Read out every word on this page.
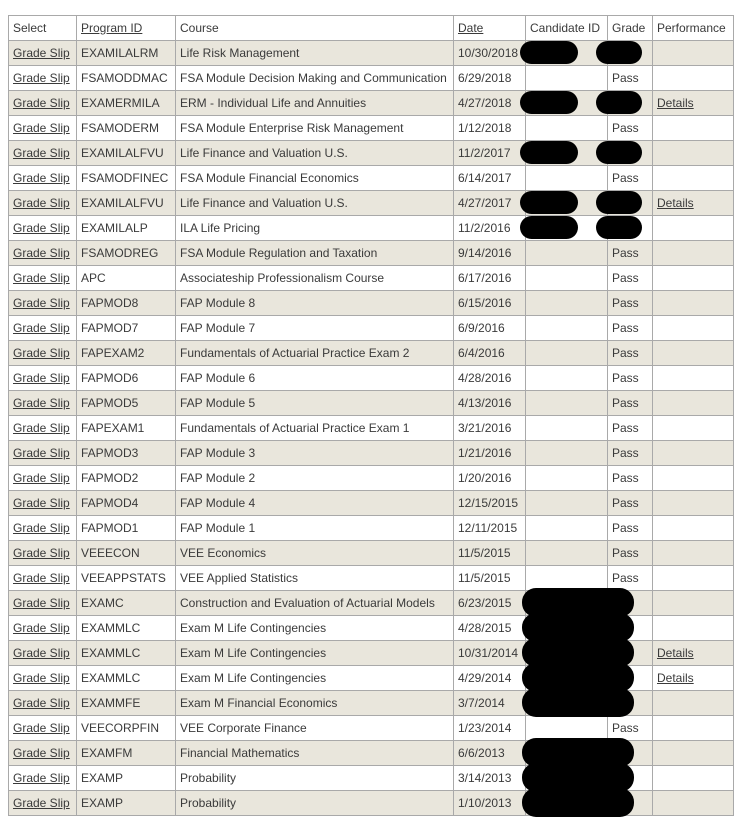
Select	Program ID	Course	Date	Candidate ID	Grade	Performance
Grade Slip	EXAMILALRM	Life Risk Management	10/30/2018	

Grade Slip	FSAMODDMAC	FSA Module Decision Making and Communication	6/29/2018		Pass	
Grade Slip	EXAMERMILA	ERM - Individual Life and Annuities	4/27/2018			Details
Grade Slip	FSAMODERM	FSA Module Enterprise Risk Management	1/12/2018		Pass	
Grade Slip	EXAMILALFVU	Life Finance and Valuation U.S.	11/2/2017	

Grade Slip	FSAMODFINEC	FSA Module Financial Economics	6/14/2017		Pass	
Grade Slip	EXAMILALFVU	Life Finance and Valuation U.S.	4/27/2017			Details
Grade Slip	EXAMILALP	ILA Life Pricing	11/2/2016	

Grade Slip	FSAMODREG	FSA Module Regulation and Taxation	9/14/2016		Pass	
Grade Slip	APC	Associateship Professionalism Course	6/17/2016		Pass	
Grade Slip	FAPMOD8	FAP Module 8	6/15/2016		Pass	
Grade Slip	FAPMOD7	FAP Module 7	6/9/2016		Pass	
Grade Slip	FAPEXAM2	Fundamentals of Actuarial Practice Exam 2	6/4/2016		Pass	
Grade Slip	FAPMOD6	FAP Module 6	4/28/2016		Pass	
Grade Slip	FAPMOD5	FAP Module 5	4/13/2016		Pass	
Grade Slip	FAPEXAM1	Fundamentals of Actuarial Practice Exam 1	3/21/2016		Pass	
Grade Slip	FAPMOD3	FAP Module 3	1/21/2016		Pass	
Grade Slip	FAPMOD2	FAP Module 2	1/20/2016		Pass	
Grade Slip	FAPMOD4	FAP Module 4	12/15/2015		Pass	
Grade Slip	FAPMOD1	FAP Module 1	12/11/2015		Pass	
Grade Slip	VEEECON	VEE Economics	11/5/2015		Pass	
Grade Slip	VEEAPPSTATS	VEE Applied Statistics	11/5/2015		Pass	
Grade Slip	EXAMC	Construction and Evaluation of Actuarial Models	6/23/2015	

Grade Slip	EXAMMLC	Exam M Life Contingencies	4/28/2015	

Grade Slip	EXAMMLC	Exam M Life Contingencies	10/31/2014			Details
Grade Slip	EXAMMLC	Exam M Life Contingencies	4/29/2014			Details
Grade Slip	EXAMMFE	Exam M Financial Economics	3/7/2014	

Grade Slip	VEECORPFIN	VEE Corporate Finance	1/23/2014		Pass	
Grade Slip	EXAMFM	Financial Mathematics	6/6/2013	

Grade Slip	EXAMP	Probability	3/14/2013	

Grade Slip	EXAMP	Probability	1/10/2013	
